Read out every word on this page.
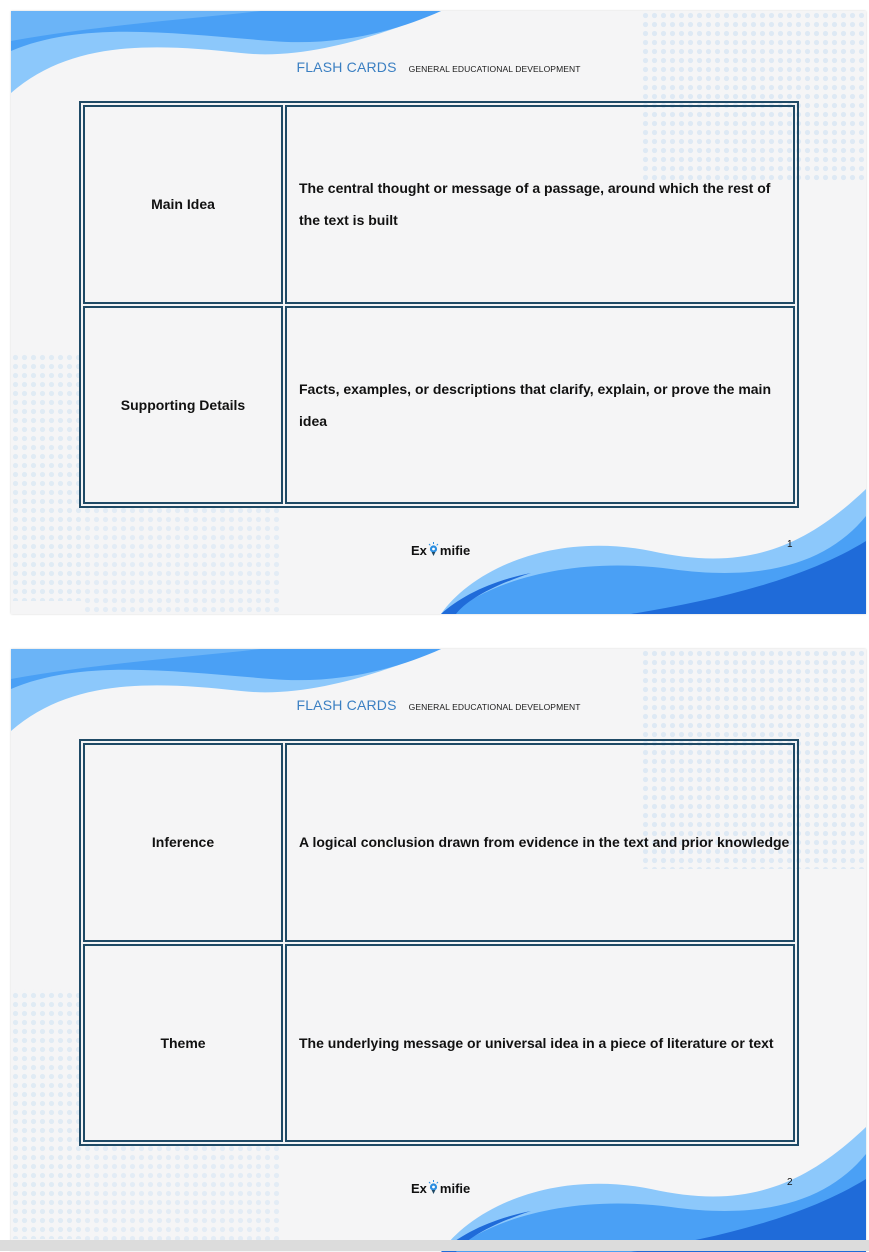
FLASH CARDS GENERAL EDUCATIONAL DEVELOPMENT
Main Idea	The central thought or message of a passage, around which the rest of the text is built
Supporting Details	Facts, examples, or descriptions that clarify, explain, or prove the main idea
Ex mifie	1
FLASH CARDS GENERAL EDUCATIONAL DEVELOPMENT
Inference	A logical conclusion drawn from evidence in the text and prior knowledge
Theme	The underlying message or universal idea in a piece of literature or text
Ex mifie	2
